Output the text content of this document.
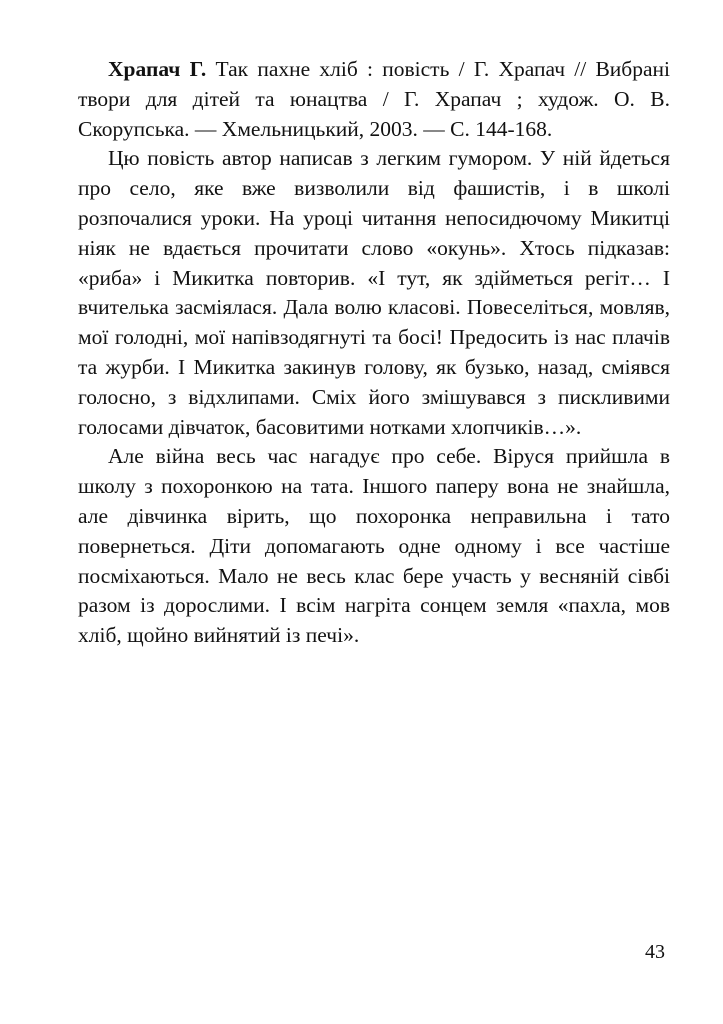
Храпач Г. Так пахне хліб : повість / Г. Храпач // Вибрані твори для дітей та юнацтва / Г. Храпач ; худож. О. В. Скорупська. — Хмельницький, 2003. — С. 144-168.

Цю повість автор написав з легким гумором. У ній йдеться про село, яке вже визволили від фашистів, і в школі розпочалися уроки. На уроці читання непосидючому Микитці ніяк не вдається прочитати слово «окунь». Хтось підказав: «риба» і Микитка повторив. «І тут, як здійметься регіт… І вчителька засміялася. Дала волю класові. Повеселіться, мовляв, мої голодні, мої напівзодягнуті та босі! Предосить із нас плачів та журби. І Микитка закинув голову, як бузько, назад, сміявся голосно, з відхлипами. Сміх його змішувався з пискливими голосами дівчаток, басовитими нотками хлопчиків…».

Але війна весь час нагадує про себе. Віруся прийшла в школу з похоронкою на тата. Іншого паперу вона не знайшла, але дівчинка вірить, що похоронка неправильна і тато повернеться. Діти допомагають одне одному і все частіше посміхаються. Мало не весь клас бере участь у весняній сівбі разом із дорослими. І всім нагріта сонцем земля «пахла, мов хліб, щойно вийнятий із печі».

43
